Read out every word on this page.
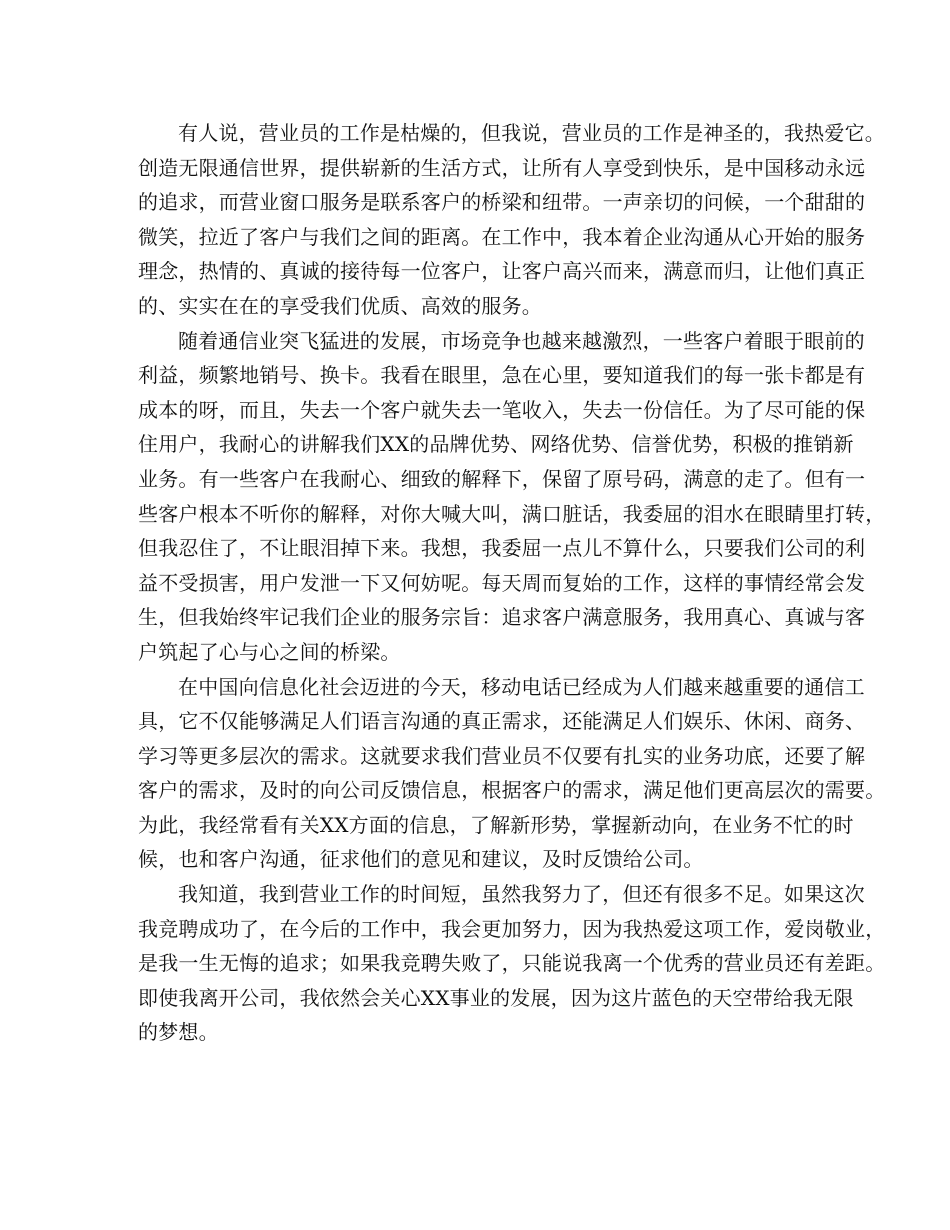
有人说，营业员的工作是枯燥的，但我说，营业员的工作是神圣的，我热爱它。
创造无限通信世界，提供崭新的生活方式，让所有人享受到快乐，是中国移动永远
的追求，而营业窗口服务是联系客户的桥梁和纽带。一声亲切的问候，一个甜甜的
微笑，拉近了客户与我们之间的距离。在工作中，我本着企业沟通从心开始的服务
理念，热情的、真诚的接待每一位客户，让客户高兴而来，满意而归，让他们真正
的、实实在在的享受我们优质、高效的服务。
随着通信业突飞猛进的发展，市场竞争也越来越激烈，一些客户着眼于眼前的
利益，频繁地销号、换卡。我看在眼里，急在心里，要知道我们的每一张卡都是有
成本的呀，而且，失去一个客户就失去一笔收入，失去一份信任。为了尽可能的保
住用户，我耐心的讲解我们XX的品牌优势、网络优势、信誉优势，积极的推销新
业务。有一些客户在我耐心、细致的解释下，保留了原号码，满意的走了。但有一
些客户根本不听你的解释，对你大喊大叫，满口脏话，我委屈的泪水在眼睛里打转，
但我忍住了，不让眼泪掉下来。我想，我委屈一点儿不算什么，只要我们公司的利
益不受损害，用户发泄一下又何妨呢。每天周而复始的工作，这样的事情经常会发
生，但我始终牢记我们企业的服务宗旨：追求客户满意服务，我用真心、真诚与客
户筑起了心与心之间的桥梁。
在中国向信息化社会迈进的今天，移动电话已经成为人们越来越重要的通信工
具，它不仅能够满足人们语言沟通的真正需求，还能满足人们娱乐、休闲、商务、
学习等更多层次的需求。这就要求我们营业员不仅要有扎实的业务功底，还要了解
客户的需求，及时的向公司反馈信息，根据客户的需求，满足他们更高层次的需要。
为此，我经常看有关XX方面的信息，了解新形势，掌握新动向，在业务不忙的时
候，也和客户沟通，征求他们的意见和建议，及时反馈给公司。
我知道，我到营业工作的时间短，虽然我努力了，但还有很多不足。如果这次
我竞聘成功了，在今后的工作中，我会更加努力，因为我热爱这项工作，爱岗敬业，
是我一生无悔的追求；如果我竞聘失败了，只能说我离一个优秀的营业员还有差距。
即使我离开公司，我依然会关心XX事业的发展，因为这片蓝色的天空带给我无限
的梦想。
